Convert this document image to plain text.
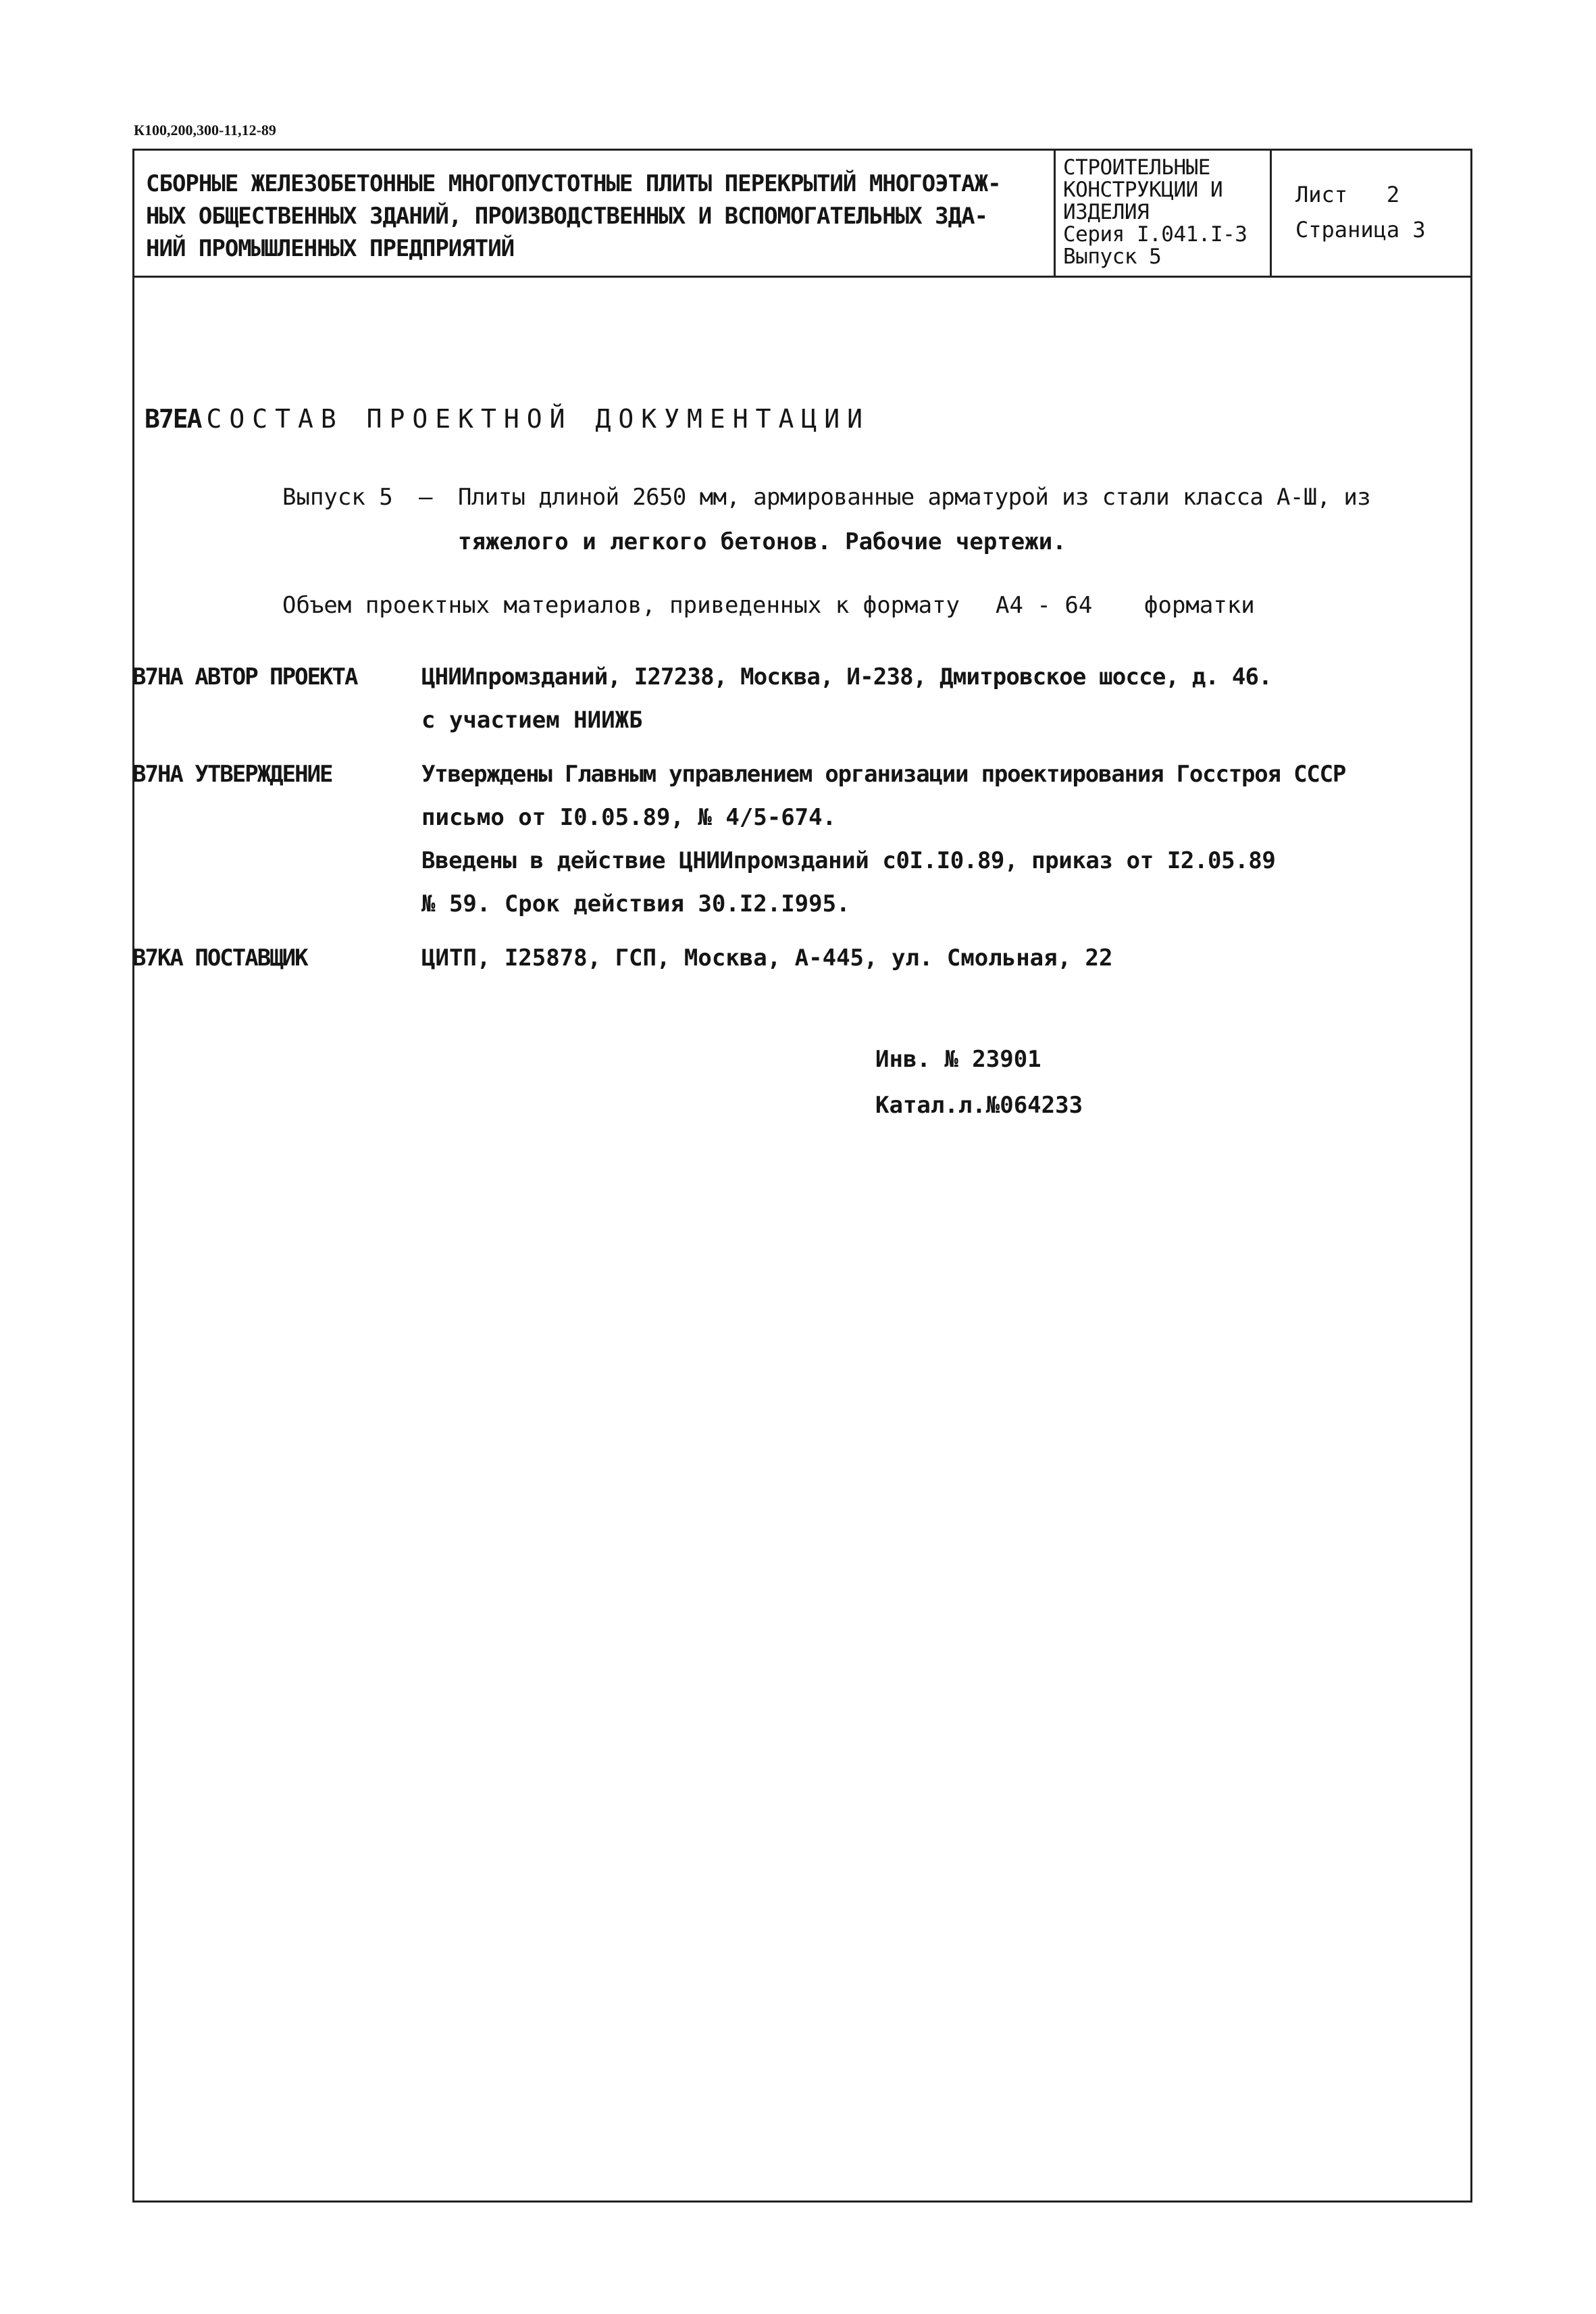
К100,200,300-11,12-89
СБОРНЫЕ ЖЕЛЕЗОБЕТОННЫЕ МНОГОПУСТОТНЫЕ ПЛИТЫ ПЕРЕКРЫТИЙ МНОГОЭТАЖ-
НЫХ ОБЩЕСТВЕННЫХ ЗДАНИЙ, ПРОИЗВОДСТВЕННЫХ И ВСПОМОГАТЕЛЬНЫХ ЗДА-
НИЙ ПРОМЫШЛЕННЫХ ПРЕДПРИЯТИЙ
СТРОИТЕЛЬНЫЕ
КОНСТРУКЦИИ И
ИЗДЕЛИЯ
Серия I.041.I-3
Выпуск 5
Лист   2
Страница 3
В7ЕА СОСТАВ ПРОЕКТНОЙ ДОКУМЕНТАЦИИ
Выпуск 5 – Плиты длиной 2650 мм, армированные арматурой из стали класса А-Ш, из
тяжелого и легкого бетонов. Рабочие чертежи.
Объем проектных материалов, приведенных к формату А4 - 64 форматки
В7НА АВТОР ПРОЕКТА	ЦНИИпромзданий, I27238, Москва, И-238, Дмитровское шоссе, д. 46.
с участием НИИЖБ
В7НА УТВЕРЖДЕНИЕ	Утверждены Главным управлением организации проектирования Госстроя СССР
письмо от I0.05.89, № 4/5-674.
Введены в действие ЦНИИпромзданий с0I.I0.89, приказ от I2.05.89
№ 59. Срок действия 30.I2.I995.
В7КА ПОСТАВЩИК	ЦИТП, I25878, ГСП, Москва, А-445, ул. Смольная, 22
Инв. № 23901
Катал.л.№064233
